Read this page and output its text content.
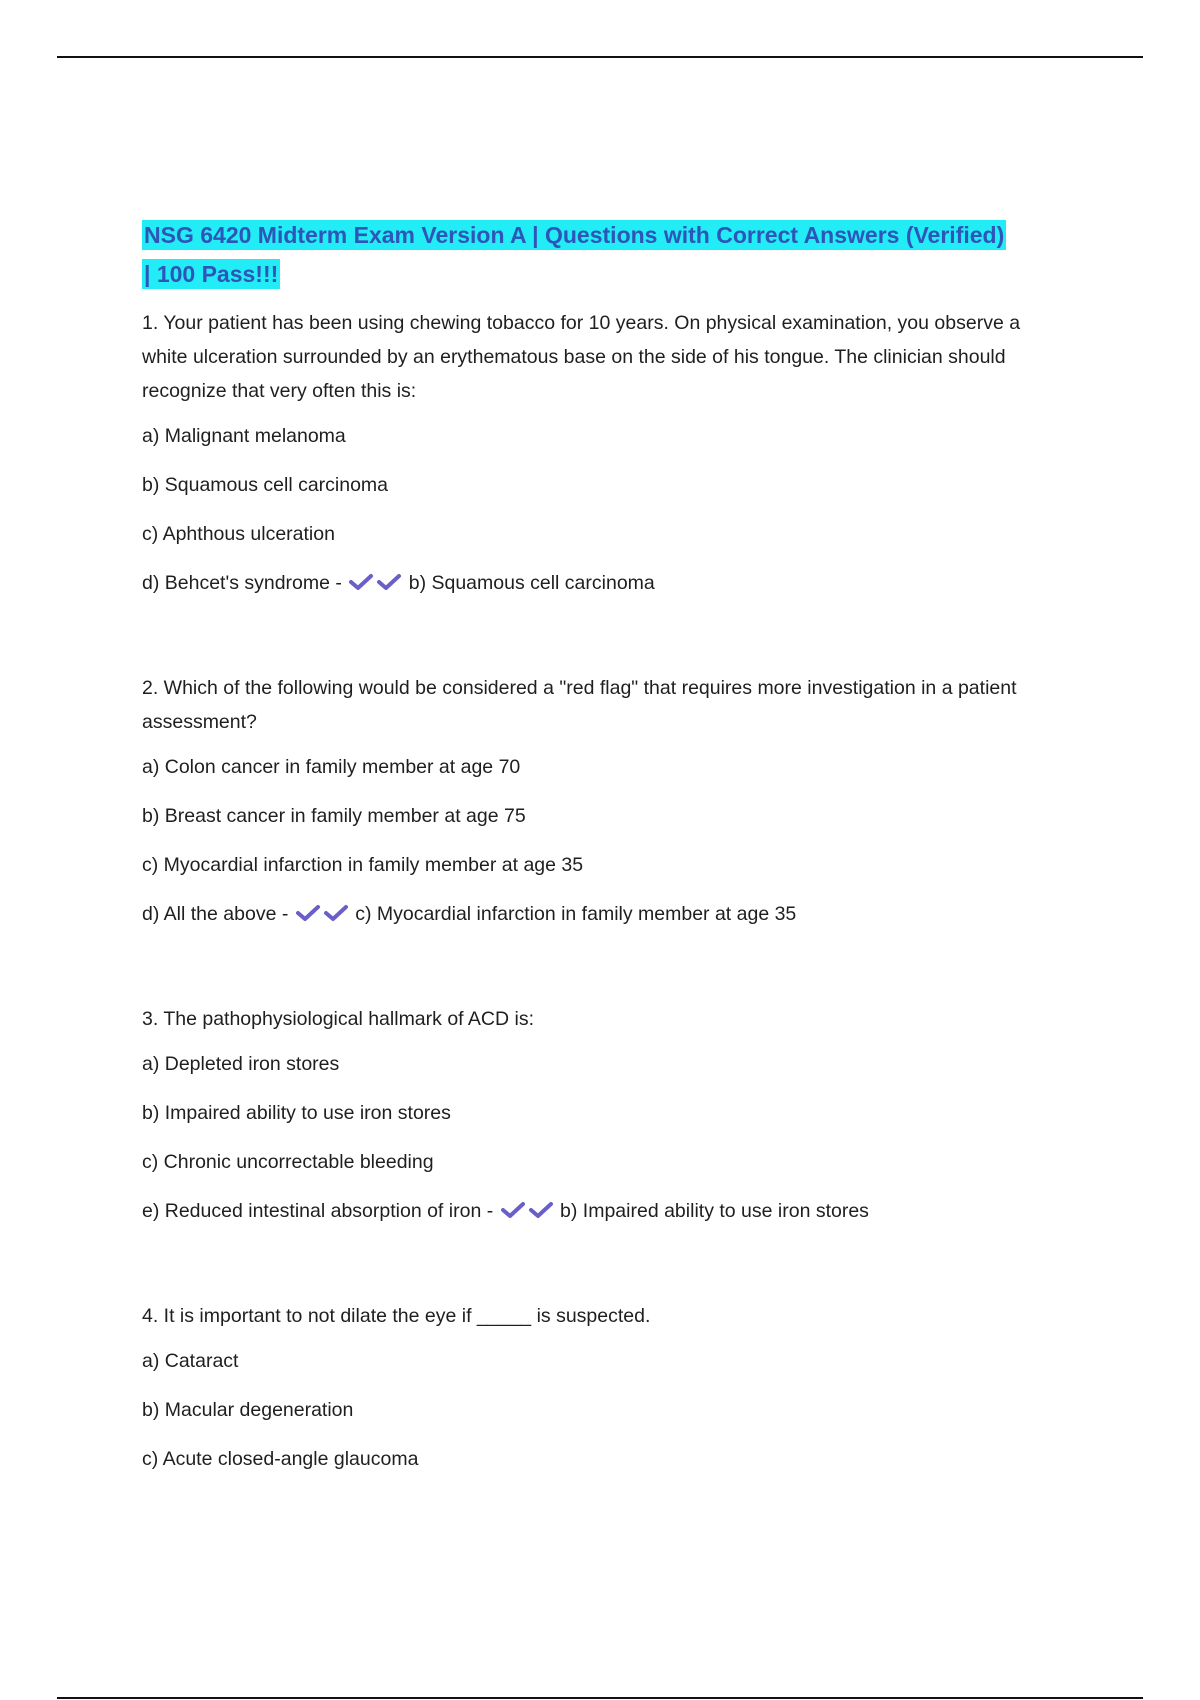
NSG 6420 Midterm Exam Version A | Questions with Correct Answers (Verified)
| 100 Pass!!!
1. Your patient has been using chewing tobacco for 10 years. On physical examination, you observe a white ulceration surrounded by an erythematous base on the side of his tongue. The clinician should recognize that very often this is:
a) Malignant melanoma
b) Squamous cell carcinoma
c) Aphthous ulceration
d) Behcet's syndrome -	b) Squamous cell carcinoma
2. Which of the following would be considered a "red flag" that requires more investigation in a patient assessment?
a) Colon cancer in family member at age 70
b) Breast cancer in family member at age 75
c) Myocardial infarction in family member at age 35
d) All the above -	c) Myocardial infarction in family member at age 35
3. The pathophysiological hallmark of ACD is:
a) Depleted iron stores
b) Impaired ability to use iron stores
c) Chronic uncorrectable bleeding
e) Reduced intestinal absorption of iron -	b) Impaired ability to use iron stores
4. It is important to not dilate the eye if _____ is suspected.
a) Cataract
b) Macular degeneration
c) Acute closed-angle glaucoma
